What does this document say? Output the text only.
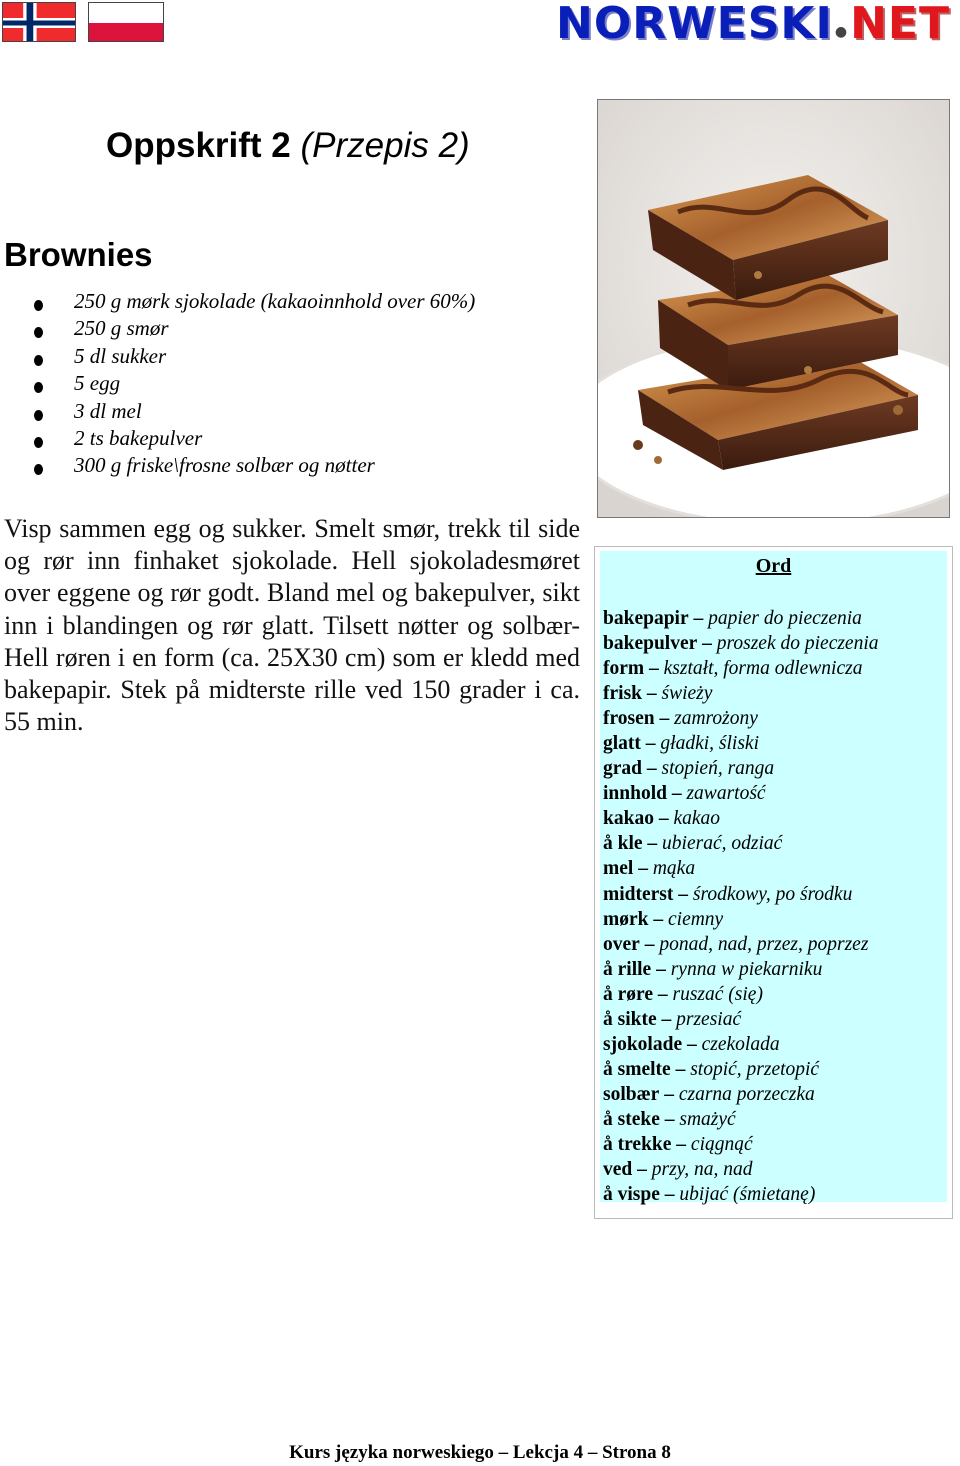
NORWESKI ●NET
Oppskrift 2 (Przepis 2)
Brownies
250 g mørk sjokolade (kakaoinnhold over 60%)
250 g smør
5 dl sukker
5 egg
3 dl mel
2 ts bakepulver
300 g friske\frosne solbær og nøtter

Visp sammen egg og sukker. Smelt smør, trekk til side og rør inn finhaket sjokolade. Hell sjokoladesmøret over eggene og rør godt. Bland mel og bakepulver, sikt inn i blandingen og rør glatt. Tilsett nøtter og solbær- Hell røren i en form (ca. 25X30 cm) som er kledd med bakepapir. Stek på midterste rille ved 150 grader i ca. 55 min.

Ord
bakepapir – papier do pieczenia
bakepulver – proszek do pieczenia
form – kształt, forma odlewnicza
frisk – świeży
frosen – zamrożony
glatt – gładki, śliski
grad – stopień, ranga
innhold – zawartość
kakao – kakao
å kle – ubierać, odziać
mel – mąka
midterst – środkowy, po środku
mørk – ciemny
over – ponad, nad, przez, poprzez
å rille – rynna w piekarniku
å røre – ruszać (się)
å sikte – przesiać
sjokolade – czekolada
å smelte – stopić, przetopić
solbær – czarna porzeczka
å steke – smażyć
å trekke – ciągnąć
ved – przy, na, nad
å vispe – ubijać (śmietanę)
Kurs języka norweskiego – Lekcja 4 – Strona 8
